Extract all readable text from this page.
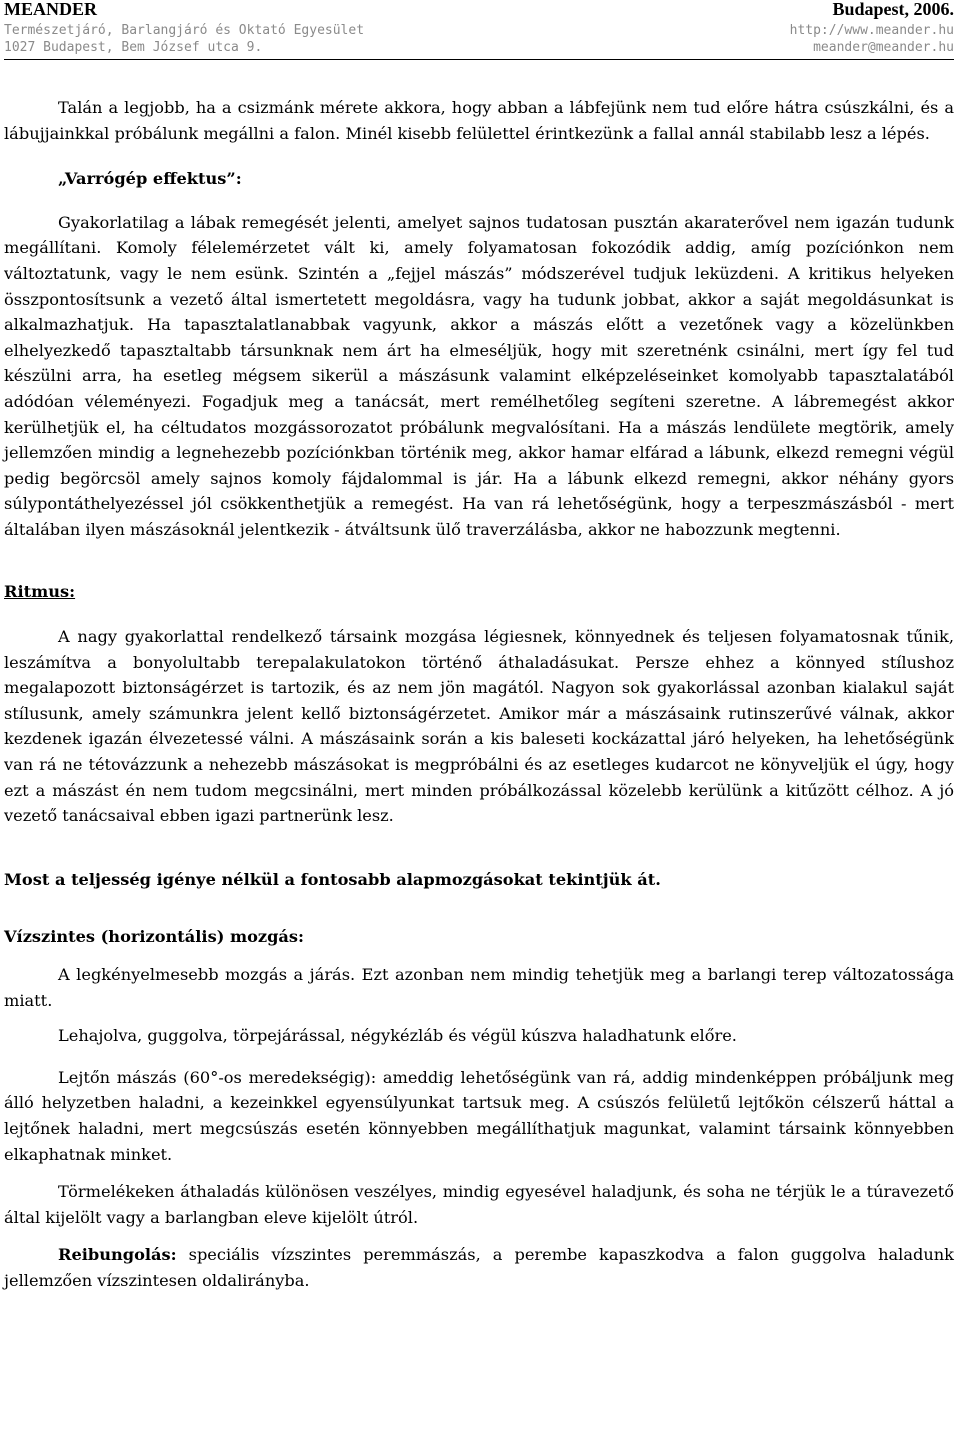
MEANDER	Budapest, 2006.
Természetjáró, Barlangjáró és Oktató Egyesület	http://www.meander.hu
1027 Budapest, Bem József utca 9.	meander@meander.hu

Talán a legjobb, ha a csizmánk mérete akkora, hogy abban a lábfejünk nem tud előre hátra csúszkálni, és a lábujjainkkal próbálunk megállni a falon. Minél kisebb felülettel érintkezünk a fallal annál stabilabb lesz a lépés.

„Varrógép effektus”:

Gyakorlatilag a lábak remegését jelenti, amelyet sajnos tudatosan pusztán akaraterővel nem igazán tudunk megállítani. Komoly félelemérzetet vált ki, amely folyamatosan fokozódik addig, amíg pozíciónkon nem változtatunk, vagy le nem esünk. Szintén a „fejjel mászás” módszerével tudjuk leküzdeni. A kritikus helyeken összpontosítsunk a vezető által ismertetett megoldásra, vagy ha tudunk jobbat, akkor a saját megoldásunkat is alkalmazhatjuk. Ha tapasztalatlanabbak vagyunk, akkor a mászás előtt a vezetőnek vagy a közelünkben elhelyezkedő tapasztaltabb társunknak nem árt ha elmeséljük, hogy mit szeretnénk csinálni, mert így fel tud készülni arra, ha esetleg mégsem sikerül a mászásunk valamint elképzeléseinket komolyabb tapasztalatából adódóan véleményezi. Fogadjuk meg a tanácsát, mert remélhetőleg segíteni szeretne. A lábremegést akkor kerülhetjük el, ha céltudatos mozgássorozatot próbálunk megvalósítani. Ha a mászás lendülete megtörik, amely jellemzően mindig a legnehezebb pozíciónkban történik meg, akkor hamar elfárad a lábunk, elkezd remegni végül pedig begörcsöl amely sajnos komoly fájdalommal is jár. Ha a lábunk elkezd remegni, akkor néhány gyors súlypontáthelyezéssel jól csökkenthetjük a remegést. Ha van rá lehetőségünk, hogy a terpeszmászásból - mert általában ilyen mászásoknál jelentkezik - átváltsunk ülő traverzálásba, akkor ne habozzunk megtenni.

Ritmus:

A nagy gyakorlattal rendelkező társaink mozgása légiesnek, könnyednek és teljesen folyamatosnak tűnik, leszámítva a bonyolultabb terepalakulatokon történő áthaladásukat. Persze ehhez a könnyed stílushoz megalapozott biztonságérzet is tartozik, és az nem jön magától. Nagyon sok gyakorlással azonban kialakul saját stílusunk, amely számunkra jelent kellő biztonságérzetet. Amikor már a mászásaink rutinszerűvé válnak, akkor kezdenek igazán élvezetessé válni. A mászásaink során a kis baleseti kockázattal járó helyeken, ha lehetőségünk van rá ne tétovázzunk a nehezebb mászásokat is megpróbálni és az esetleges kudarcot ne könyveljük el úgy, hogy ezt a mászást én nem tudom megcsinálni, mert minden próbálkozással közelebb kerülünk a kitűzött célhoz. A jó vezető tanácsaival ebben igazi partnerünk lesz.

Most a teljesség igénye nélkül a fontosabb alapmozgásokat tekintjük át.

Vízszintes (horizontális) mozgás:

A legkényelmesebb mozgás a járás. Ezt azonban nem mindig tehetjük meg a barlangi terep változatossága miatt.

Lehajolva, guggolva, törpejárással, négykézláb és végül kúszva haladhatunk előre.

Lejtőn mászás (60°-os meredekségig): ameddig lehetőségünk van rá, addig mindenképpen próbáljunk meg álló helyzetben haladni, a kezeinkkel egyensúlyunkat tartsuk meg. A csúszós felületű lejtőkön célszerű háttal a lejtőnek haladni, mert megcsúszás esetén könnyebben megállíthatjuk magunkat, valamint társaink könnyebben elkaphatnak minket.

Törmelékeken áthaladás különösen veszélyes, mindig egyesével haladjunk, és soha ne térjük le a túravezető által kijelölt vagy a barlangban eleve kijelölt útról.

Reibungolás: speciális vízszintes peremmászás, a perembe kapaszkodva a falon guggolva haladunk jellemzően vízszintesen oldalirányba.
